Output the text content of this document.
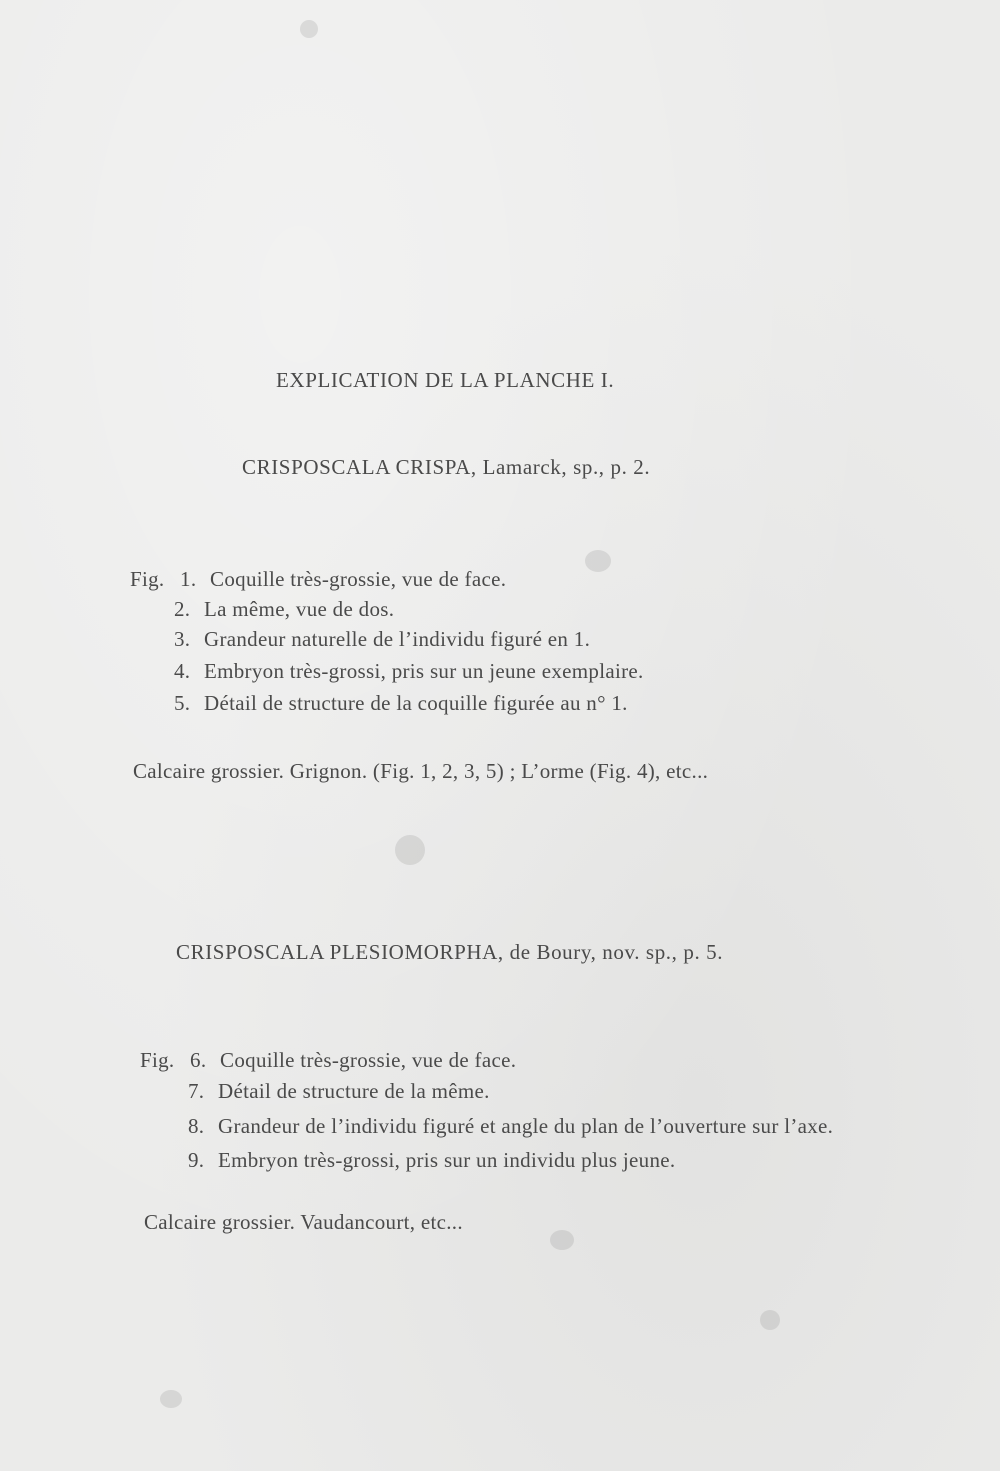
EXPLICATION DE LA PLANCHE I.
CRISPOSCALA CRISPA, Lamarck, sp., p. 2.
Fig. 1. Coquille très-grossie, vue de face.
2. La même, vue de dos.
3. Grandeur naturelle de l’individu figuré en 1.
4. Embryon très-grossi, pris sur un jeune exemplaire.
5. Détail de structure de la coquille figurée au n° 1.
Calcaire grossier. Grignon. (Fig. 1, 2, 3, 5) ; L’orme (Fig. 4), etc...
CRISPOSCALA PLESIOMORPHA, de Boury, nov. sp., p. 5.
Fig. 6. Coquille très-grossie, vue de face.
7. Détail de structure de la même.
8. Grandeur de l’individu figuré et angle du plan de l’ouverture sur l’axe.
9. Embryon très-grossi, pris sur un individu plus jeune.
Calcaire grossier. Vaudancourt, etc...
